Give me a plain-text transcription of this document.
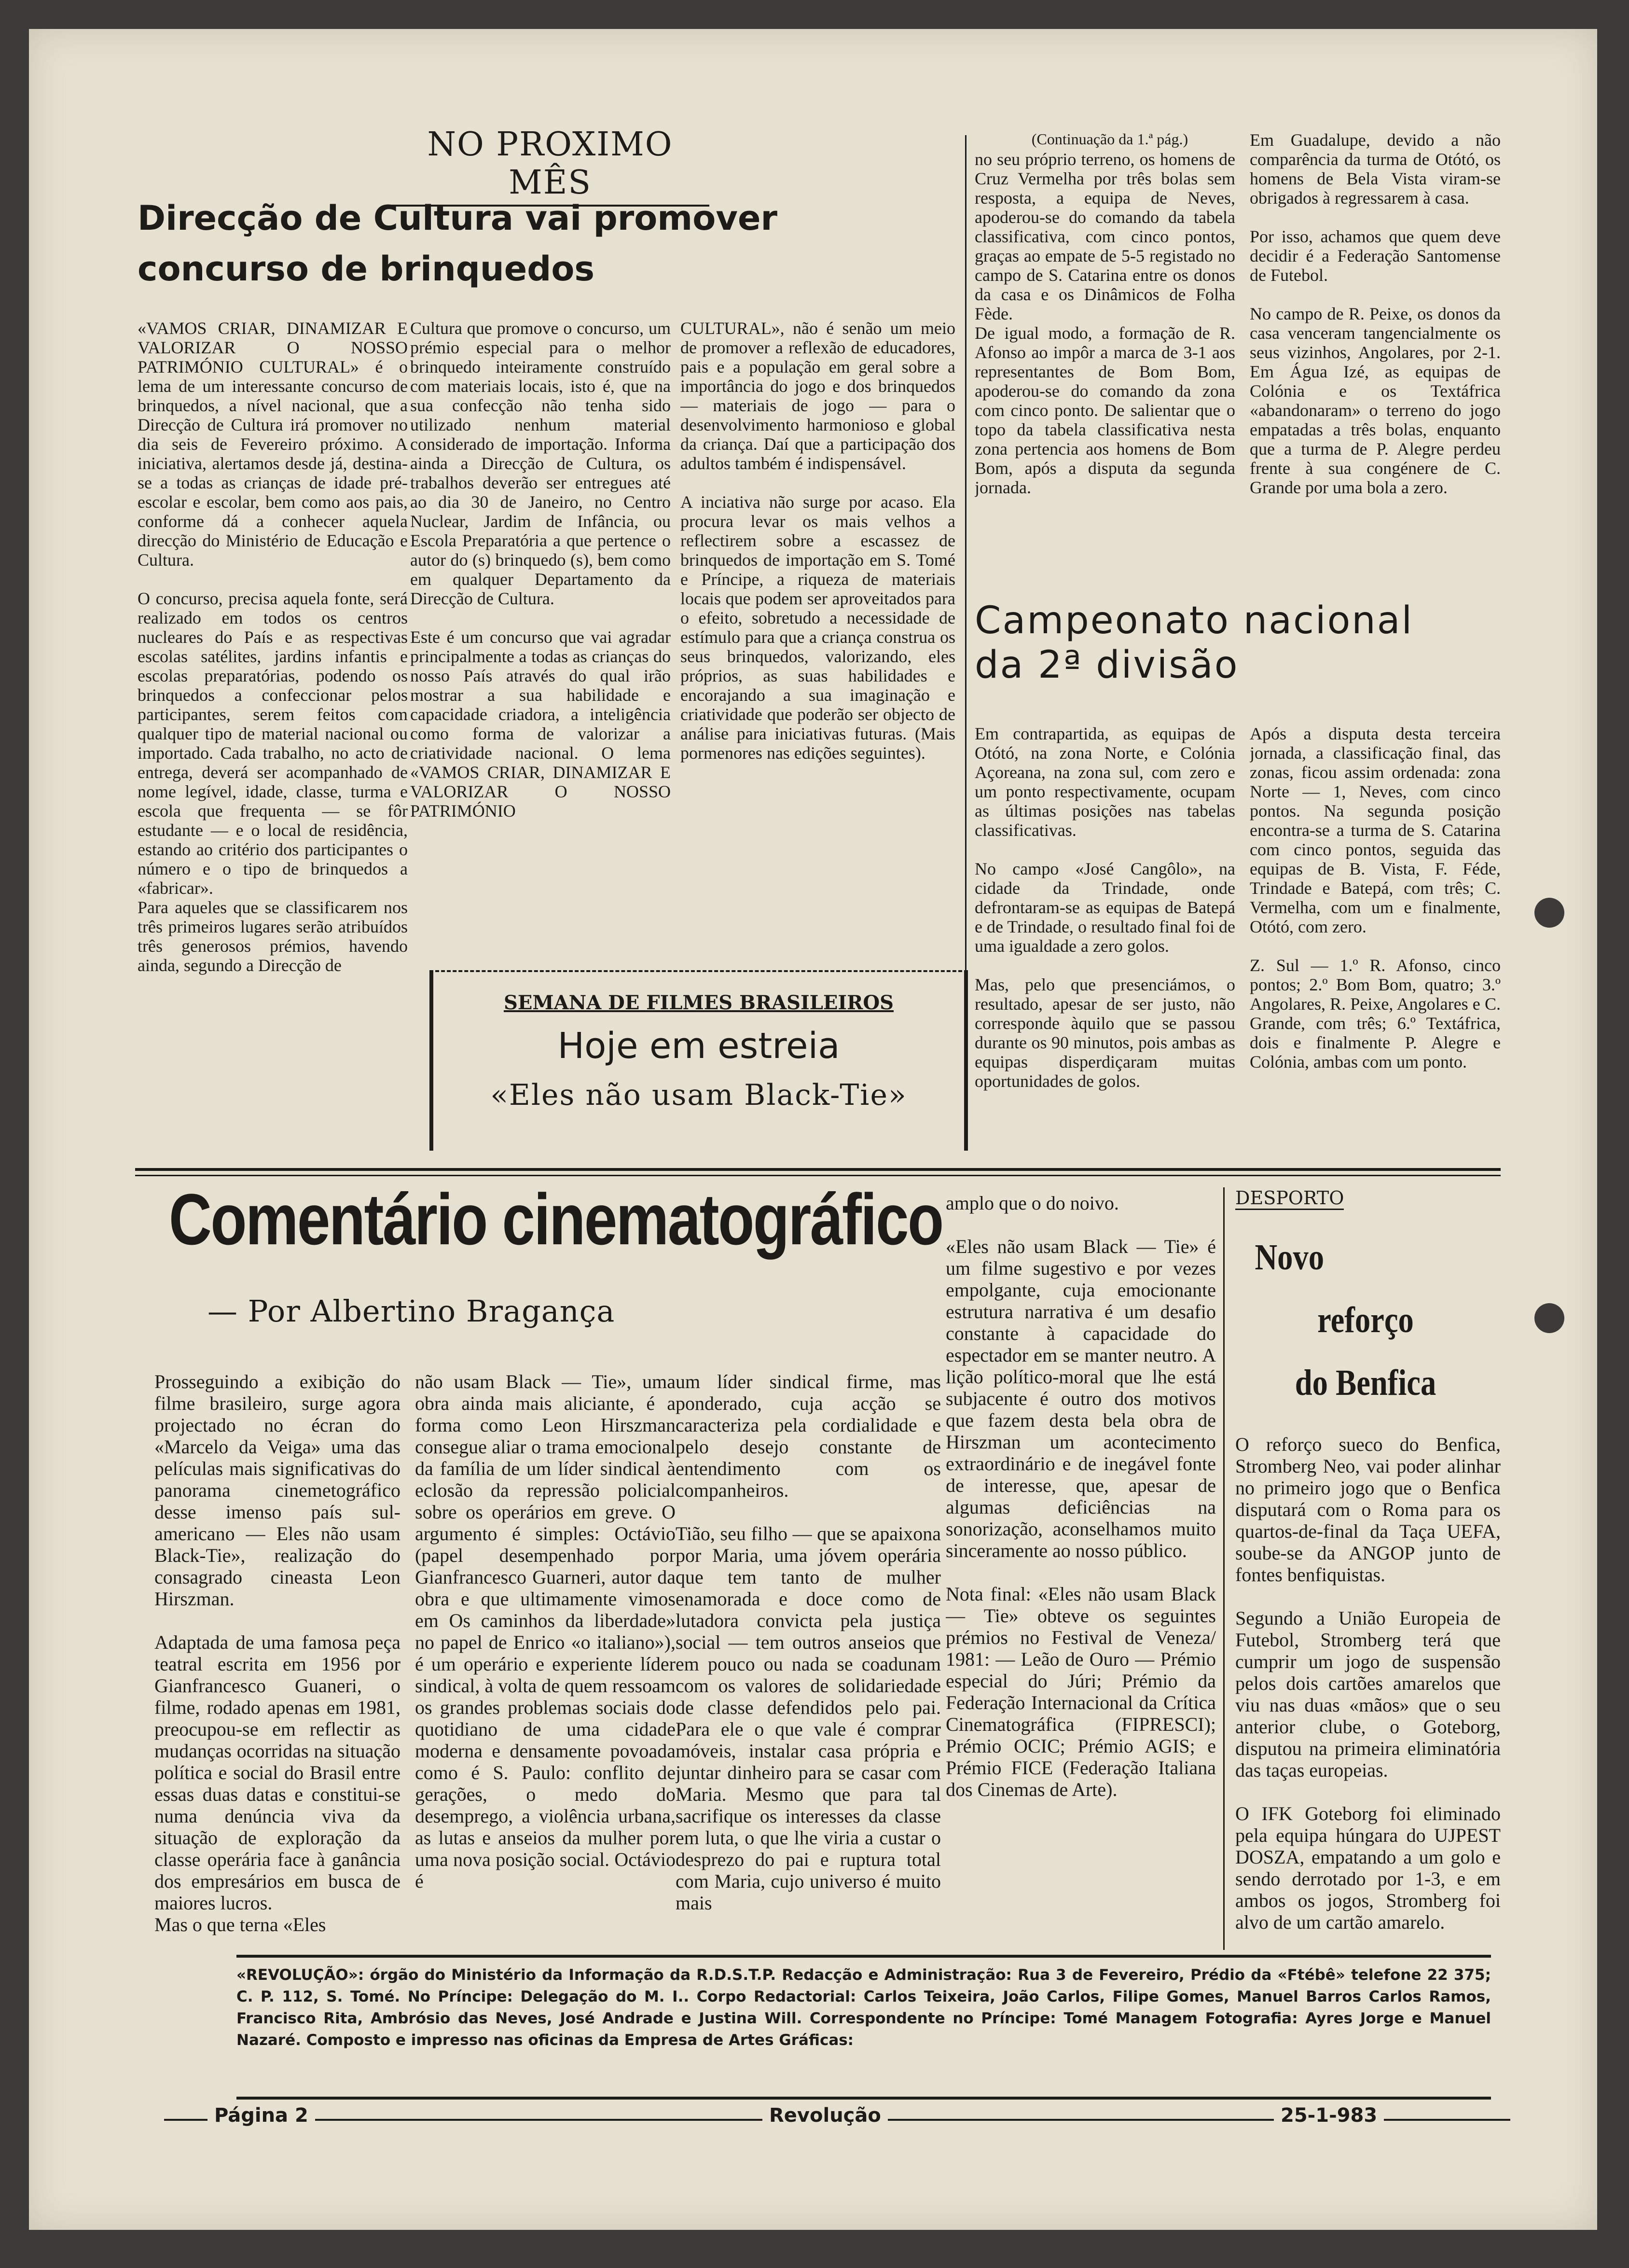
NO PROXIMO MÊS
Direcção de Cultura vai promover
concurso de brinquedos
«VAMOS CRIAR, DINAMIZAR E VALORIZAR O NOSSO PATRIMÓNIO CULTURAL» é o lema de um interessante concurso de brinquedos, a nível nacional, que a Direcção de Cultura irá promover no dia seis de Fevereiro próximo. A iniciativa, alertamos desde já, destina-se a todas as crianças de idade pré-escolar e escolar, bem como aos pais, conforme dá a conhecer aquela direcção do Ministério de Educação e Cultura.

O concurso, precisa aquela fonte, será realizado em todos os centros nucleares do País e as respectivas escolas satélites, jardins infantis e escolas preparatórias, podendo os brinquedos a confeccionar pelos participantes, serem feitos com qualquer tipo de material nacional ou importado. Cada trabalho, no acto de entrega, deverá ser acompanhado de nome legível, idade, classe, turma e escola que frequenta — se fôr estudante — e o local de residência, estando ao critério dos participantes o número e o tipo de brinquedos a «fabricar».
Para aqueles que se classificarem nos três primeiros lugares serão atribuídos três generosos prémios, havendo ainda, segundo a Direcção de
Cultura que promove o concurso, um prémio especial para o melhor brinquedo inteiramente construído com materiais locais, isto é, que na sua confecção não tenha sido utilizado nenhum material considerado de importação. Informa ainda a Direcção de Cultura, os trabalhos deverão ser entregues até ao dia 30 de Janeiro, no Centro Nuclear, Jardim de Infância, ou Escola Preparatória a que pertence o autor do (s) brinquedo (s), bem como em qualquer Departamento da Direcção de Cultura.

Este é um concurso que vai agradar principalmente a todas as crianças do nosso País através do qual irão mostrar a sua habilidade e capacidade criadora, a inteligência como forma de valorizar a criatividade nacional. O lema «VAMOS CRIAR, DINAMIZAR E VALORIZAR O NOSSO PATRIMÓNIO
CULTURAL», não é senão um meio de promover a reflexão de educadores, pais e a população em geral sobre a importância do jogo e dos brinquedos — materiais de jogo — para o desenvolvimento harmonioso e global da criança. Daí que a participação dos adultos também é indispensável.

A inciativa não surge por acaso. Ela procura levar os mais velhos a reflectirem sobre a escassez de brinquedos de importação em S. Tomé e Príncipe, a riqueza de materiais locais que podem ser aproveitados para o efeito, sobretudo a necessidade de estímulo para que a criança construa os seus brinquedos, valorizando, eles próprios, as suas habilidades e encorajando a sua imaginação e criatividade que poderão ser objecto de análise para iniciativas futuras. (Mais pormenores nas edições seguintes).
SEMANA DE FILMES BRASILEIROS
Hoje em estreia
«Eles não usam Black-Tie»
(Continuação da 1.ª pág.)
no seu próprio terreno, os homens de Cruz Vermelha por três bolas sem resposta, a equipa de Neves, apoderou-se do comando da tabela classificativa, com cinco pontos, graças ao empate de 5-5 registado no campo de S. Catarina entre os donos da casa e os Dinâmicos de Folha Fède.
De igual modo, a formação de R. Afonso ao impôr a marca de 3-1 aos representantes de Bom Bom, apoderou-se do comando da zona com cinco ponto. De salientar que o topo da tabela classificativa nesta zona pertencia aos homens de Bom Bom, após a disputa da segunda jornada.
Em Guadalupe, devido a não comparência da turma de Otótó, os homens de Bela Vista viram-se obrigados à regressarem à casa.

Por isso, achamos que quem deve decidir é a Federação Santomense de Futebol.

No campo de R. Peixe, os donos da casa venceram tangencialmente os seus vizinhos, Angolares, por 2-1. Em Água Izé, as equipas de Colónia e os Textáfrica «abandonaram» o terreno do jogo empatadas a três bolas, enquanto que a turma de P. Alegre perdeu frente à sua congénere de C. Grande por uma bola a zero.
Campeonato nacional
da 2ª divisão
Em contrapartida, as equipas de Otótó, na zona Norte, e Colónia Açoreana, na zona sul, com zero e um ponto respectivamente, ocupam as últimas posições nas tabelas classificativas.

No campo «José Cangôlo», na cidade da Trindade, onde defrontaram-se as equipas de Batepá e de Trindade, o resultado final foi de uma igualdade a zero golos.

Mas, pelo que presenciámos, o resultado, apesar de ser justo, não corresponde àquilo que se passou durante os 90 minutos, pois ambas as equipas disperdiçaram muitas oportunidades de golos.
Após a disputa desta terceira jornada, a classificação final, das zonas, ficou assim ordenada: zona Norte — 1, Neves, com cinco pontos. Na segunda posição encontra-se a turma de S. Catarina com cinco pontos, seguida das equipas de B. Vista, F. Féde, Trindade e Batepá, com três; C. Vermelha, com um e finalmente, Otótó, com zero.

Z. Sul — 1.º R. Afonso, cinco pontos; 2.º Bom Bom, quatro; 3.º Angolares, R. Peixe, Angolares e C. Grande, com três; 6.º Textáfrica, dois e finalmente P. Alegre e Colónia, ambas com um ponto.
Comentário cinematográfico
— Por Albertino Bragança
Prosseguindo a exibição do filme brasileiro, surge agora projectado no écran do «Marcelo da Veiga» uma das películas mais significativas do panorama cinemetográfico desse imenso país sul-americano — Eles não usam Black-Tie», realização do consagrado cineasta Leon Hirszman.

Adaptada de uma famosa peça teatral escrita em 1956 por Gianfrancesco Guaneri, o filme, rodado apenas em 1981, preocupou-se em reflectir as mudanças ocorridas na situação política e social do Brasil entre essas duas datas e constitui-se numa denúncia viva da situação de exploração da classe operária face à ganância dos empresários em busca de maiores lucros.
Mas o que terna «Eles
não usam Black — Tie», uma obra ainda mais aliciante, é a forma como Leon Hirszman consegue aliar o trama emocional da família de um líder sindical à eclosão da repressão policial sobre os operários em greve. O argumento é simples: Octávio (papel desempenhado por Gianfrancesco Guarneri, autor da obra e que ultimamente vimos em Os caminhos da liberdade» no papel de Enrico «o italiano»), é um operário e experiente líder sindical, à volta de quem ressoam os grandes problemas sociais do quotidiano de uma cidade moderna e densamente povoada como é S. Paulo: conflito de gerações, o medo do desemprego, a violência urbana, as lutas e anseios da mulher por uma nova posição social. Octávio é
um líder sindical firme, mas ponderado, cuja acção se caracteriza pela cordialidade e pelo desejo constante de entendimento com os companheiros.

Tião, seu filho — que se apaixona por Maria, uma jóvem operária que tem tanto de mulher enamorada e doce como de lutadora convicta pela justiça social — tem outros anseios que em pouco ou nada se coadunam com os valores de solidariedade de classe defendidos pelo pai. Para ele o que vale é comprar móveis, instalar casa própria e juntar dinheiro para se casar com Maria. Mesmo que para tal sacrifique os interesses da classe em luta, o que lhe viria a custar o desprezo do pai e ruptura total com Maria, cujo universo é muito mais
amplo que o do noivo.

«Eles não usam Black — Tie» é um filme sugestivo e por vezes empolgante, cuja emocionante estrutura narrativa é um desafio constante à capacidade do espectador em se manter neutro. A lição político-moral que lhe está subjacente é outro dos motivos que fazem desta bela obra de Hirszman um acontecimento extraordinário e de inegável fonte de interesse, que, apesar de algumas deficiências na sonorização, aconselhamos muito sinceramente ao nosso público.

Nota final: «Eles não usam Black — Tie» obteve os seguintes prémios no Festival de Veneza/ 1981: — Leão de Ouro — Prémio especial do Júri; Prémio da Federação Internacional da Crítica Cinematográfica (FIPRESCI); Prémio OCIC; Prémio AGIS; e Prémio FICE (Federação Italiana dos Cinemas de Arte).
DESPORTO
Novo
reforço
do Benfica
O reforço sueco do Benfica, Stromberg Neo, vai poder alinhar no primeiro jogo que o Benfica disputará com o Roma para os quartos-de-final da Taça UEFA, soube-se da ANGOP junto de fontes benfiquistas.

Segundo a União Europeia de Futebol, Stromberg terá que cumprir um jogo de suspensão pelos dois cartões amarelos que viu nas duas «mãos» que o seu anterior clube, o Goteborg, disputou na primeira eliminatória das taças europeias.

O IFK Goteborg foi eliminado pela equipa húngara do UJPEST DOSZA, empatando a um golo e sendo derrotado por 1-3, e em ambos os jogos, Stromberg foi alvo de um cartão amarelo.
«REVOLUÇÃO»: órgão do Ministério da Informação da R.D.S.T.P. Redacção e Administração: Rua 3 de Fevereiro, Prédio da «Ftébê» telefone 22 375; C. P. 112, S. Tomé. No Príncipe: Delegação do M. I.. Corpo Redactorial: Carlos Teixeira, João Carlos, Filipe Gomes, Manuel Barros Carlos Ramos, Francisco Rita, Ambrósio das Neves, José Andrade e Justina Will. Correspondente no Príncipe: Tomé Managem Fotografia: Ayres Jorge e Manuel Nazaré. Composto e impresso nas oficinas da Empresa de Artes Gráficas:
Página 2	Revolução	25-1-983
